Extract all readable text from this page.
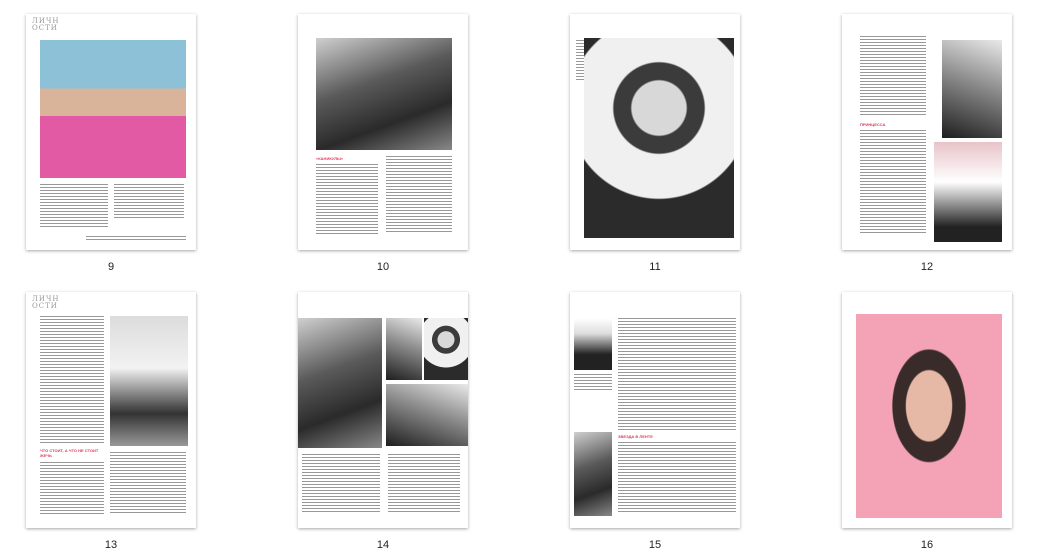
ЛИЧНОСТИ
9
«КАНИКУЛЫ»
10	11
ПРИНЦЕССА
12
ЛИЧНОСТИ
ЧТО СТОИТ, А ЧТО НЕ СТОИТ ЖЕЧЬ
13	14
ЗВЕЗДА В ЛЕНТЕ
15	16
